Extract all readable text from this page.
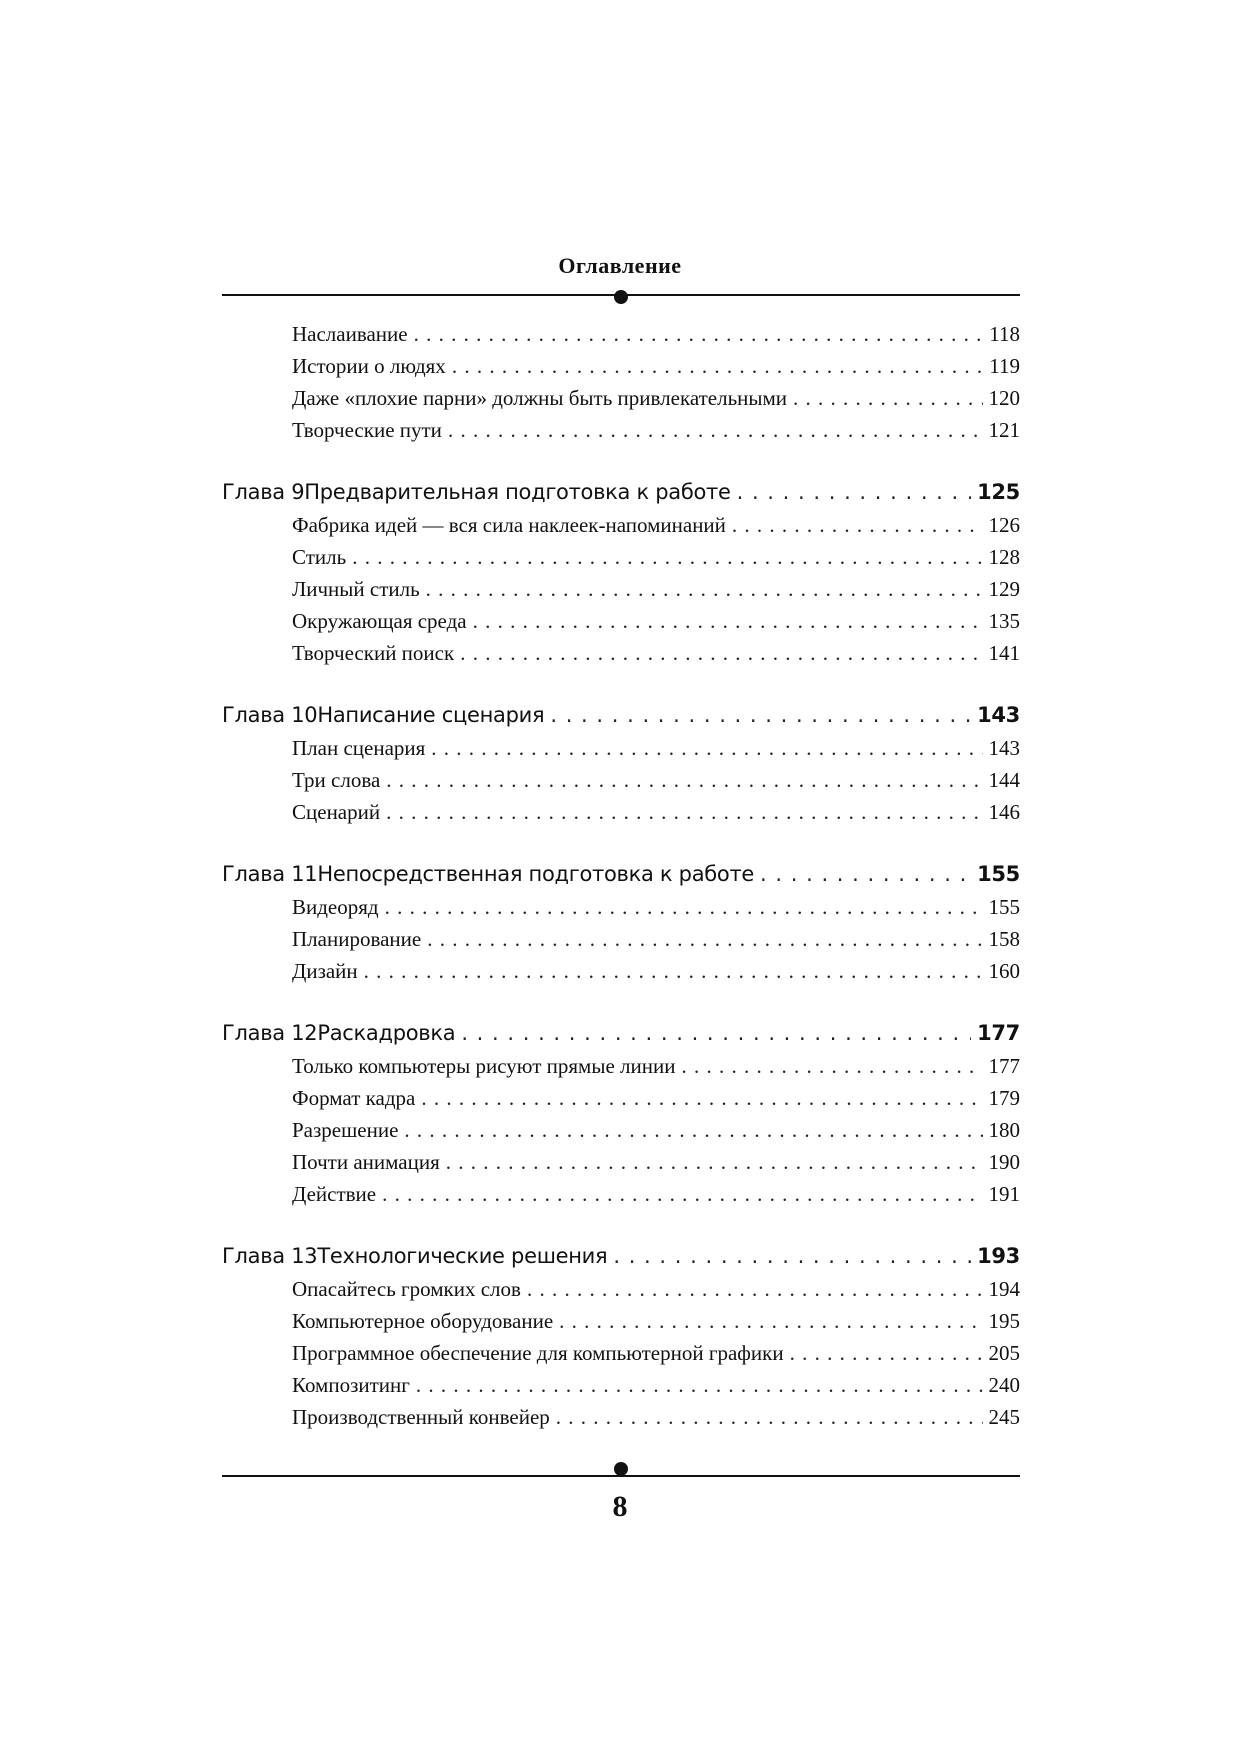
Оглавление
Наслаивание . . .	118
Истории о людях . . .	119
Даже «плохие парни» должны быть привлекательными . . .	120
Творческие пути . . .	121
Глава 9 Предварительная подготовка к работе . . .	125
Фабрика идей — вся сила наклеек-напоминаний . . .	126
Стиль . . .	128
Личный стиль . . .	129
Окружающая среда . . .	135
Творческий поиск . . .	141
Глава 10 Написание сценария . . .	143
План сценария . . .	143
Три слова . . .	144
Сценарий . . .	146
Глава 11 Непосредственная подготовка к работе . . .	155
Видеоряд . . .	155
Планирование . . .	158
Дизайн . . .	160
Глава 12 Раскадровка . . .	177
Только компьютеры рисуют прямые линии . . .	177
Формат кадра . . .	179
Разрешение . . .	180
Почти анимация . . .	190
Действие . . .	191
Глава 13 Технологические решения . . .	193
Опасайтесь громких слов . . .	194
Компьютерное оборудование . . .	195
Программное обеспечение для компьютерной графики . . .	205
Композитинг . . .	240
Производственный конвейер . . .	245
8
